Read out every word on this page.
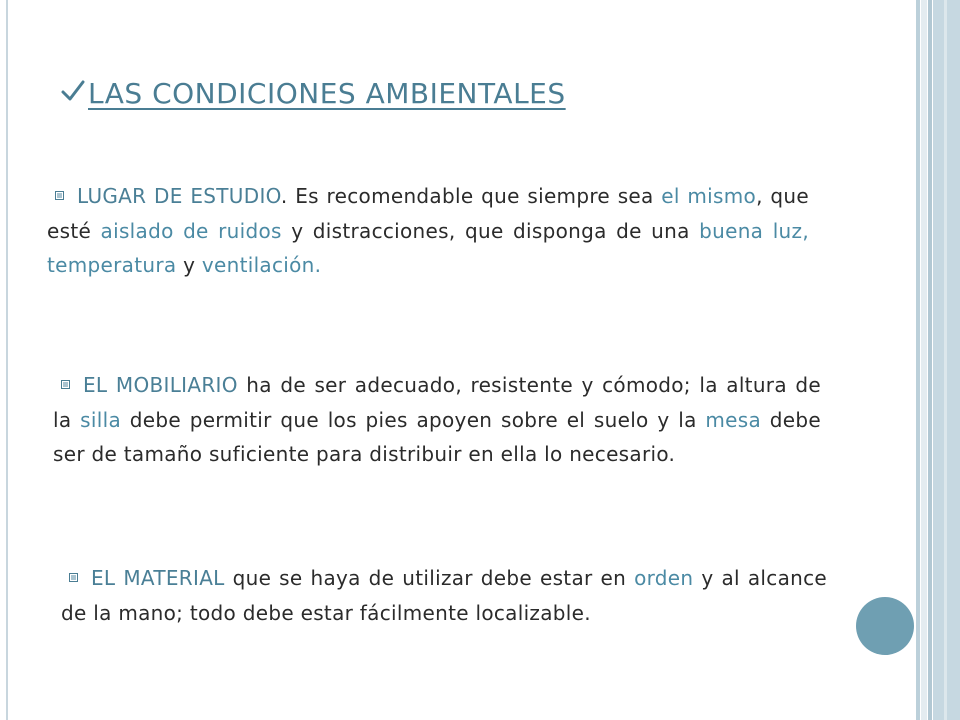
LAS CONDICIONES AMBIENTALES
LUGAR DE ESTUDIO. Es recomendable que siempre sea el mismo, que esté aislado de ruidos y distracciones, que disponga de una buena luz, temperatura y ventilación.
EL MOBILIARIO ha de ser adecuado, resistente y cómodo; la altura de la silla debe permitir que los pies apoyen sobre el suelo y la mesa debe ser de tamaño suficiente para distribuir en ella lo necesario.
EL MATERIAL que se haya de utilizar debe estar en orden y al alcance de la mano; todo debe estar fácilmente localizable.
